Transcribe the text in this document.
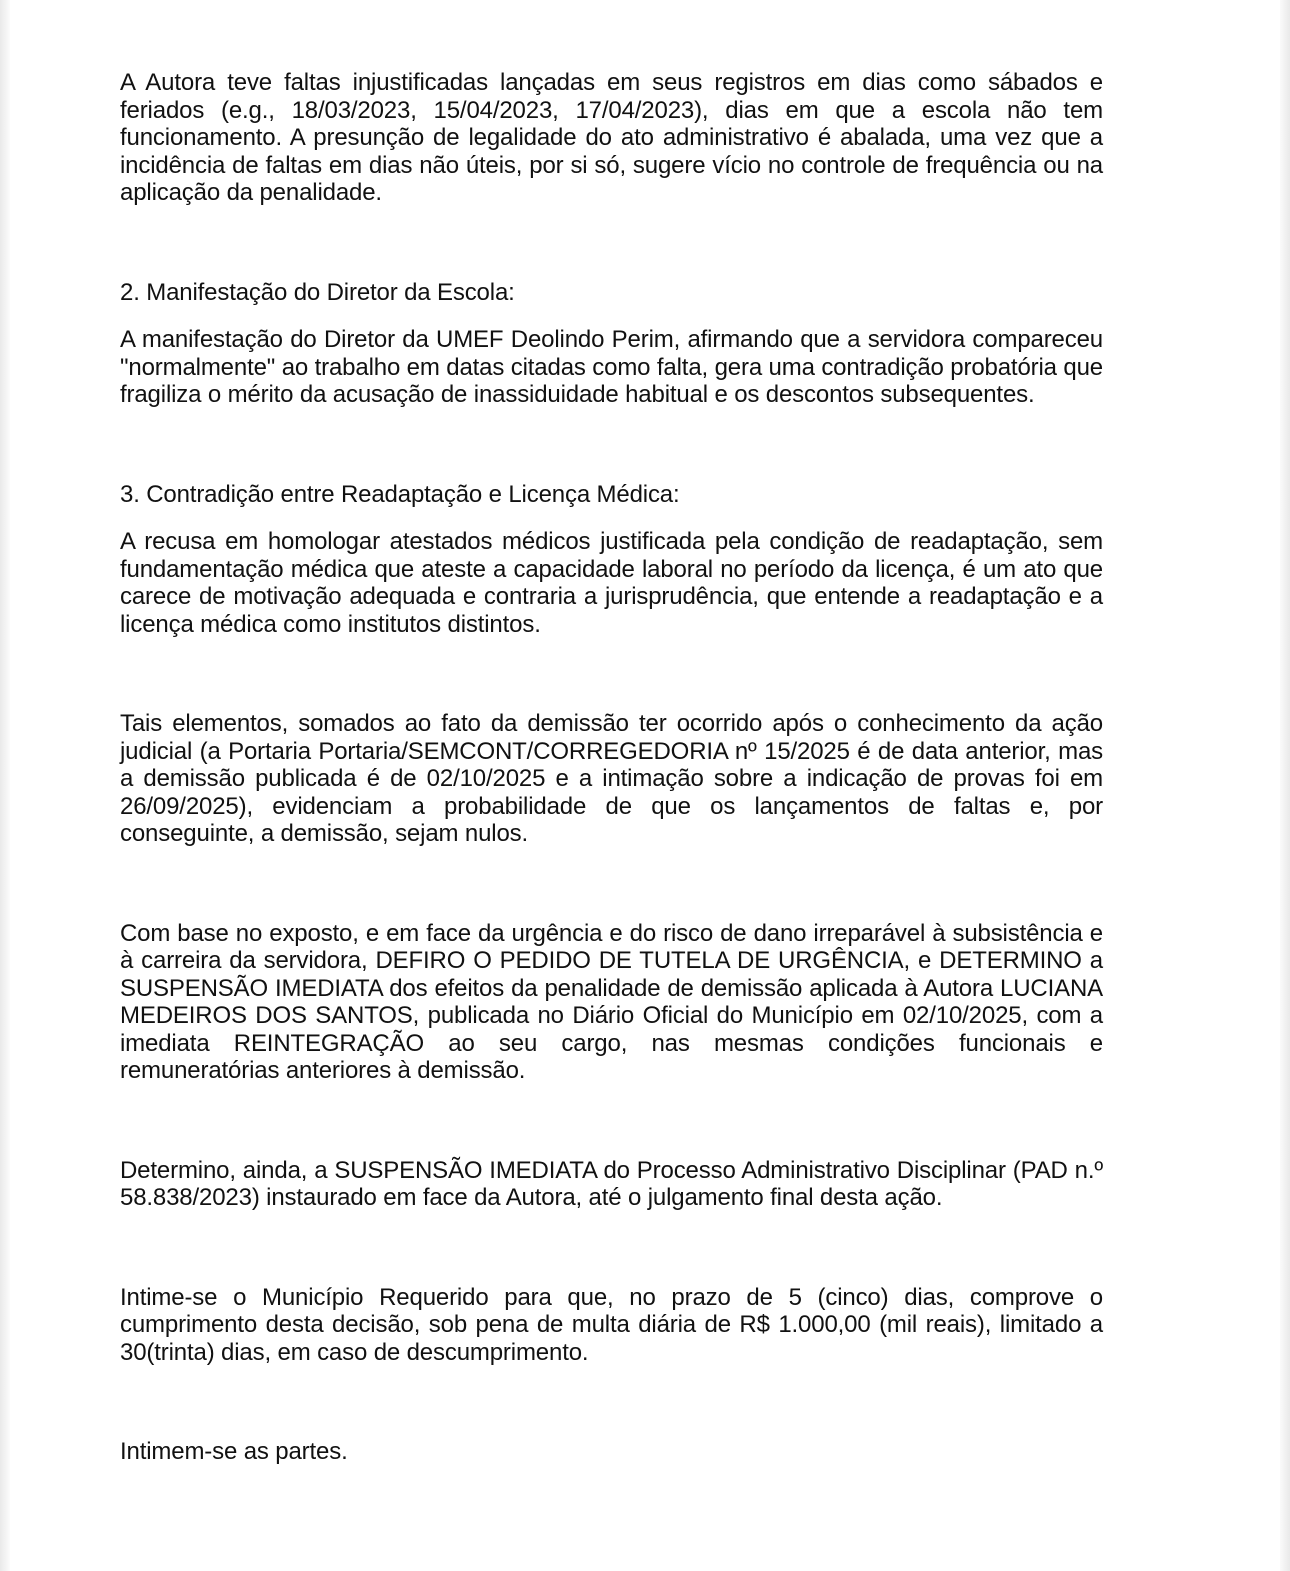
A Autora teve faltas injustificadas lançadas em seus registros em dias como sábados e feriados (e.g., 18/03/2023, 15/04/2023, 17/04/2023), dias em que a escola não tem funcionamento. A presunção de legalidade do ato administrativo é abalada, uma vez que a incidência de faltas em dias não úteis, por si só, sugere vício no controle de frequência ou na aplicação da penalidade.

2. Manifestação do Diretor da Escola:

A manifestação do Diretor da UMEF Deolindo Perim, afirmando que a servidora compareceu "normalmente" ao trabalho em datas citadas como falta, gera uma contradição probatória que fragiliza o mérito da acusação de inassiduidade habitual e os descontos subsequentes.

3. Contradição entre Readaptação e Licença Médica:

A recusa em homologar atestados médicos justificada pela condição de readaptação, sem fundamentação médica que ateste a capacidade laboral no período da licença, é um ato que carece de motivação adequada e contraria a jurisprudência, que entende a readaptação e a licença médica como institutos distintos.

Tais elementos, somados ao fato da demissão ter ocorrido após o conhecimento da ação judicial (a Portaria Portaria/SEMCONT/CORREGEDORIA nº 15/2025 é de data anterior, mas a demissão publicada é de 02/10/2025 e a intimação sobre a indicação de provas foi em 26/09/2025), evidenciam a probabilidade de que os lançamentos de faltas e, por conseguinte, a demissão, sejam nulos.

Com base no exposto, e em face da urgência e do risco de dano irreparável à subsistência e à carreira da servidora, DEFIRO O PEDIDO DE TUTELA DE URGÊNCIA, e DETERMINO a SUSPENSÃO IMEDIATA dos efeitos da penalidade de demissão aplicada à Autora LUCIANA MEDEIROS DOS SANTOS, publicada no Diário Oficial do Município em 02/10/2025, com a imediata REINTEGRAÇÃO ao seu cargo, nas mesmas condições funcionais e remuneratórias anteriores à demissão.

Determino, ainda, a SUSPENSÃO IMEDIATA do Processo Administrativo Disciplinar (PAD n.º 58.838/2023) instaurado em face da Autora, até o julgamento final desta ação.

Intime-se o Município Requerido para que, no prazo de 5 (cinco) dias, comprove o cumprimento desta decisão, sob pena de multa diária de R$ 1.000,00 (mil reais), limitado a 30(trinta) dias, em caso de descumprimento.

Intimem-se as partes.
